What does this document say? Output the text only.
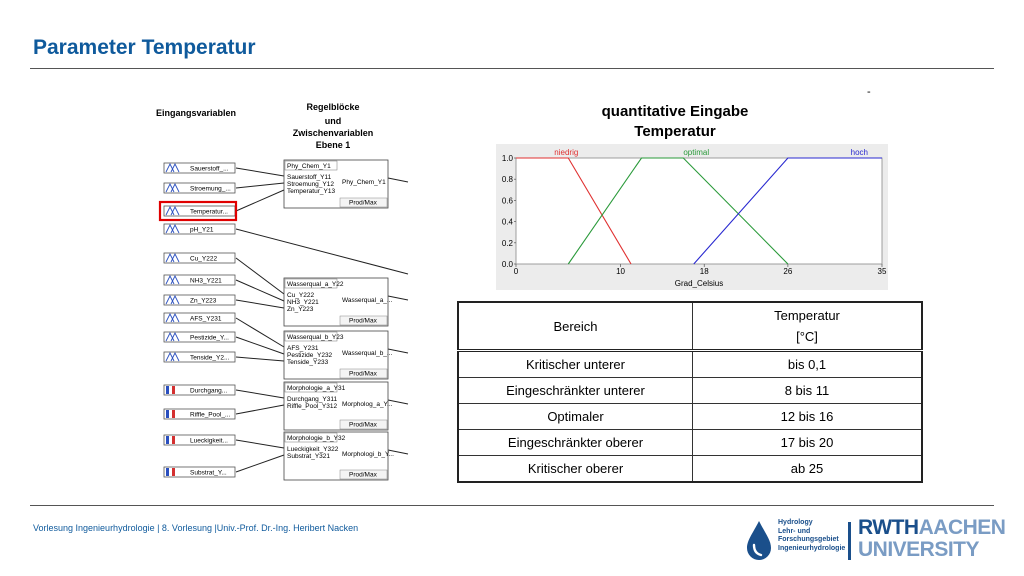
Parameter Temperatur
-
Eingangsvariablen
Regelblöcke
und
Zwischenvariablen
Ebene 1
Sauerstoff_...
Stroemung_...
Temperatur...
pH_Y21
Cu_Y222
NH3_Y221
Zn_Y223
AFS_Y231
Pestizide_Y...
Tenside_Y2...
Durchgang...
Riffle_Pool_...
Lueckigkeit...
Substrat_Y...
Phy_Chem_Y1
Sauerstoff_Y11
Stroemung_Y12
Temperatur_Y13
Phy_Chem_Y1
Prod/Max
Wasserqual_a_Y22
Cu_Y222
NH3_Y221
Zn_Y223
Wasserqual_a_...
Prod/Max
Wasserqual_b_Y23
AFS_Y231
Pestizide_Y232
Tenside_Y233
Wasserqual_b_...
Prod/Max
Morphologie_a_Y31
Durchgang_Y311
Riffle_Pool_Y312 Morpholog_a_Y...
Prod/Max
Morphologie_b_Y32
Lueckigkeit_Y322
Substrat_Y321 Morphologi_b_Y...
Prod/Max
quantitative Eingabe
Temperatur
0.0
0.2
0.4
0.6
0.8
1.0
0	10	18	26	35
Grad_Celsius
niedrig	optimal	hoch
Bereich	Temperatur
[°C]

Kritischer unterer	bis 0,1
Eingeschränkter unterer	8 bis 11
Optimaler	12 bis 16
Eingeschränkter oberer	17 bis 20
Kritischer oberer	ab 25
Vorlesung Ingenieurhydrologie | 8. Vorlesung |Univ.-Prof. Dr.-Ing. Heribert Nacken
Hydrology
Lehr- und
Forschungsgebiet
Ingenieurhydrologie
RWTHAACHEN
UNIVERSITY
